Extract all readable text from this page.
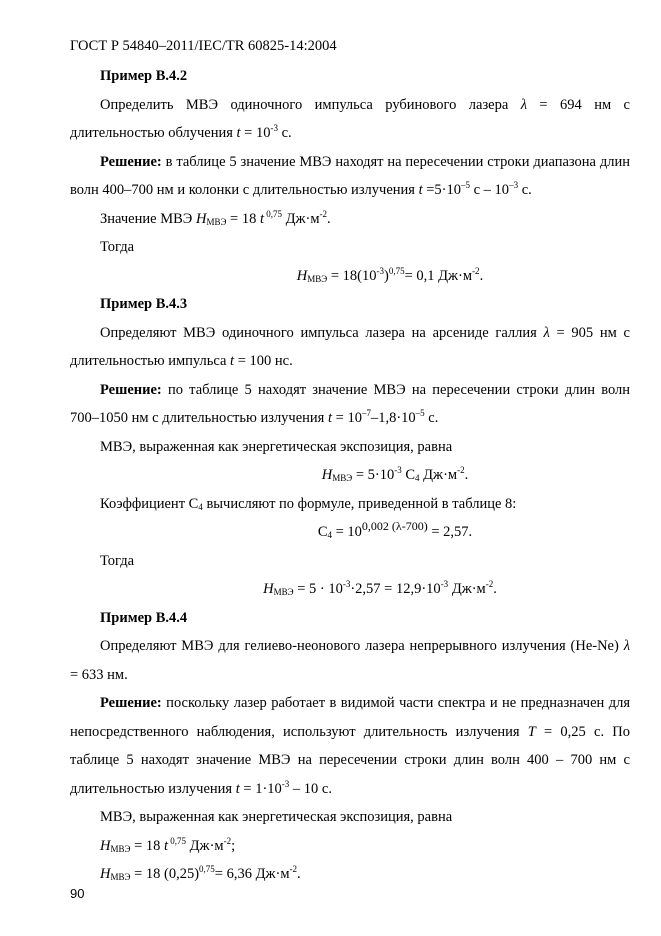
ГОСТ Р 54840–2011/IEC/TR 60825-14:2004

Пример B.4.2

Определить МВЭ одиночного импульса рубинового лазера λ = 694 нм с длительностью облучения $t = 10^{-3}$ с.

Решение: в таблице 5 значение МВЭ находят на пересечении строки диапазона длин волн 400–700 нм и колонки с длительностью излучения $t =5\cdot 10^{-5}$ с – $10^{-3}$ с.

Значение МВЭ $H_{МВЭ} = 18$ t $^{0,75}$ $Дж\cdot м^{-2}$.

Тогда

$H_{МВЭ} = 18(10^{-3})^{0,75}= 0,1$ $Дж\cdot м^{-2}$.

Пример B.4.3

Определяют МВЭ одиночного импульса лазера на арсениде галлия λ = 905 нм с длительностью импульса t = 100 нс.

Решение: по таблице 5 находят значение МВЭ на пересечении строки длин волн 700–1050 нм с длительностью излучения $t = 10^{-7}-1,8\cdot 10^{-5}$ с.

МВЭ, выраженная как энергетическая экспозиция, равна

$H_{МВЭ} = 5\cdot 10^{-3}$ $C_4$ $Дж\cdot м^{-2}$.

Коэффициент $C_4$ вычисляют по формуле, приведенной в таблице 8:

$C_4 = 10^{0,002 (\lambda-700)} = 2,57$.

Тогда

$H_{МВЭ} = 5 \cdot 10^{-3}\cdot 2,57 = 12,9\cdot 10^{-3}$ $Дж\cdot м^{-2}$.

Пример B.4.4

Определяют МВЭ для гелиево-неонового лазера непрерывного излучения (He-Ne) λ = 633 нм.

Решение: поскольку лазер работает в видимой части спектра и не предназначен для непосредственного наблюдения, используют длительность излучения T = 0,25 с. По таблице 5 находят значение МВЭ на пересечении строки длин волн 400 – 700 нм с длительностью излучения $t = 1\cdot 10^{-3} - 10$ с.

МВЭ, выраженная как энергетическая экспозиция, равна

$H_{МВЭ} = 18$ t $^{0,75}$ $Дж\cdot м^{-2}$;

$H_{МВЭ} = 18$ $(0,25)^{0,75}= 6,36$ $Дж\cdot м^{-2}$.

90
